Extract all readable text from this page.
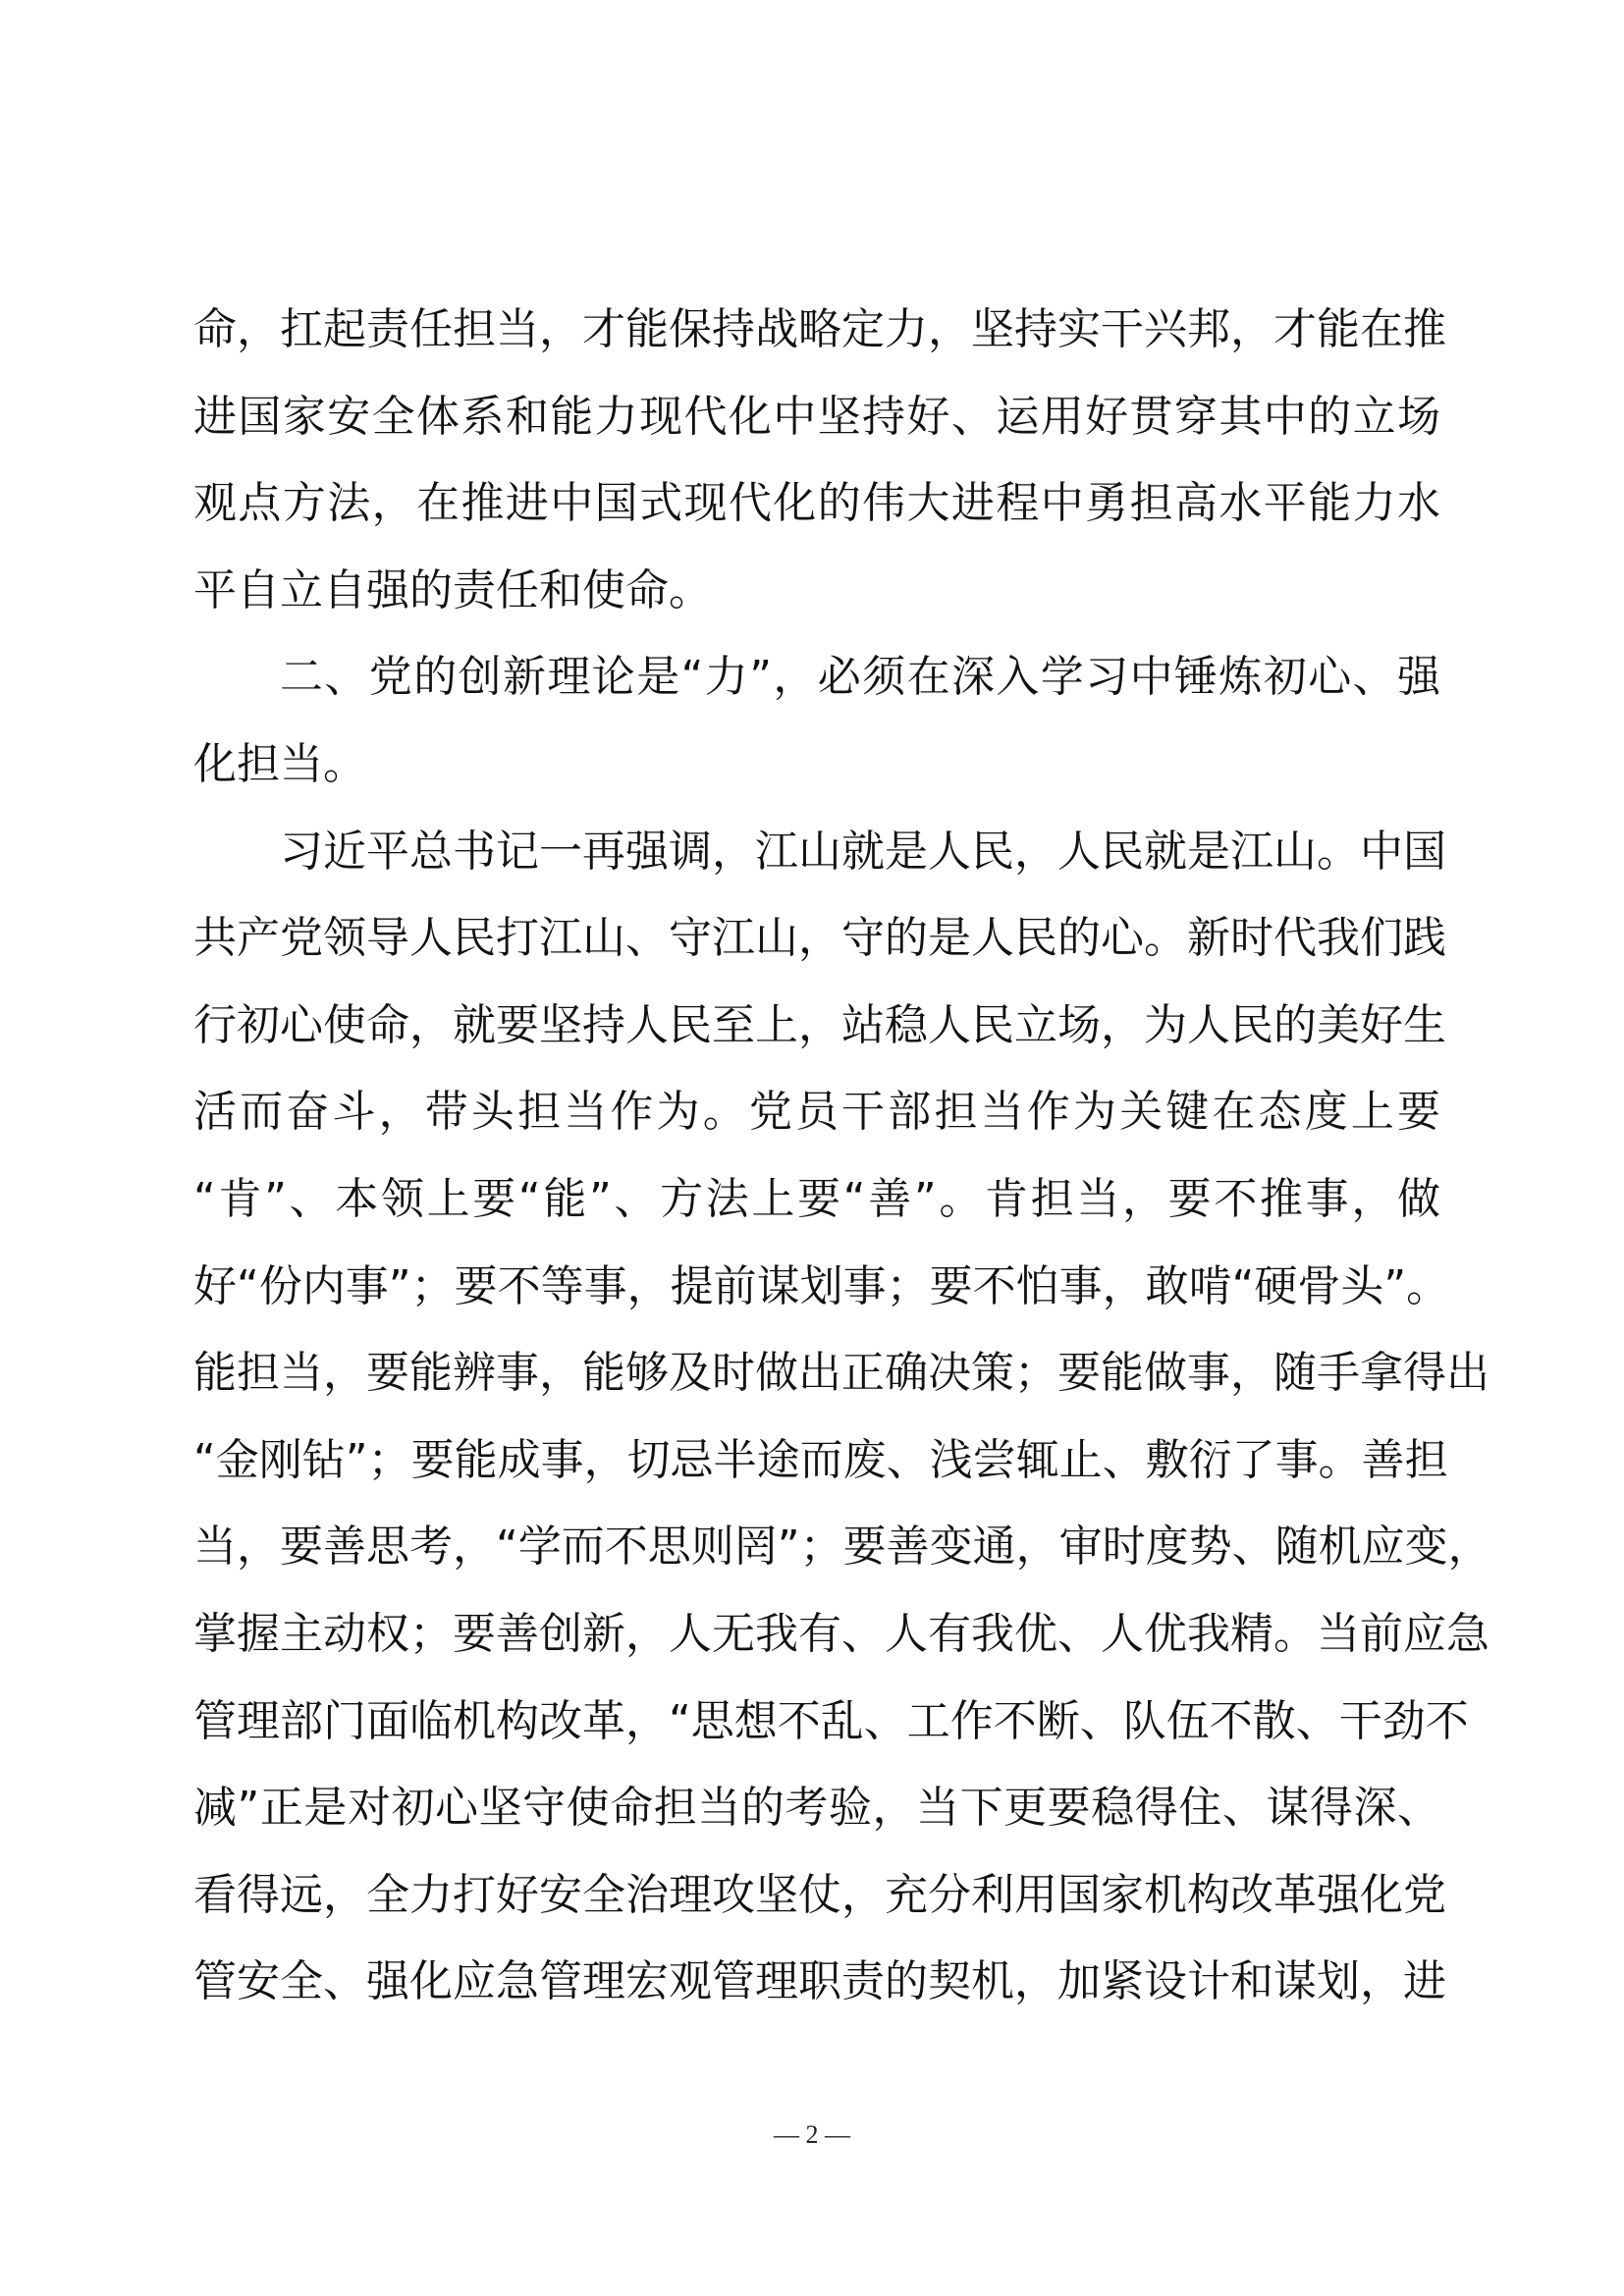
命，扛起责任担当，才能保持战略定力，坚持实干兴邦，才能在推
进国家安全体系和能力现代化中坚持好、运用好贯穿其中的立场
观点方法，在推进中国式现代化的伟大进程中勇担高水平能力水
平自立自强的责任和使命。
二、党的创新理论是“力”，必须在深入学习中锤炼初心、强
化担当。
习近平总书记一再强调，江山就是人民，人民就是江山。中国
共产党领导人民打江山、守江山，守的是人民的心。新时代我们践
行初心使命，就要坚持人民至上，站稳人民立场，为人民的美好生
活而奋斗，带头担当作为。党员干部担当作为关键在态度上要
“肯”、本领上要“能”、方法上要“善”。肯担当，要不推事，做
好“份内事”；要不等事，提前谋划事；要不怕事，敢啃“硬骨头”。
能担当，要能辨事，能够及时做出正确决策；要能做事，随手拿得出
“金刚钻”；要能成事，切忌半途而废、浅尝辄止、敷衍了事。善担
当，要善思考，“学而不思则罔”；要善变通，审时度势、随机应变，
掌握主动权；要善创新，人无我有、人有我优、人优我精。当前应急
管理部门面临机构改革，“思想不乱、工作不断、队伍不散、干劲不
减”正是对初心坚守使命担当的考验，当下更要稳得住、谋得深、
看得远，全力打好安全治理攻坚仗，充分利用国家机构改革强化党
管安全、强化应急管理宏观管理职责的契机，加紧设计和谋划，进
— 2 —
